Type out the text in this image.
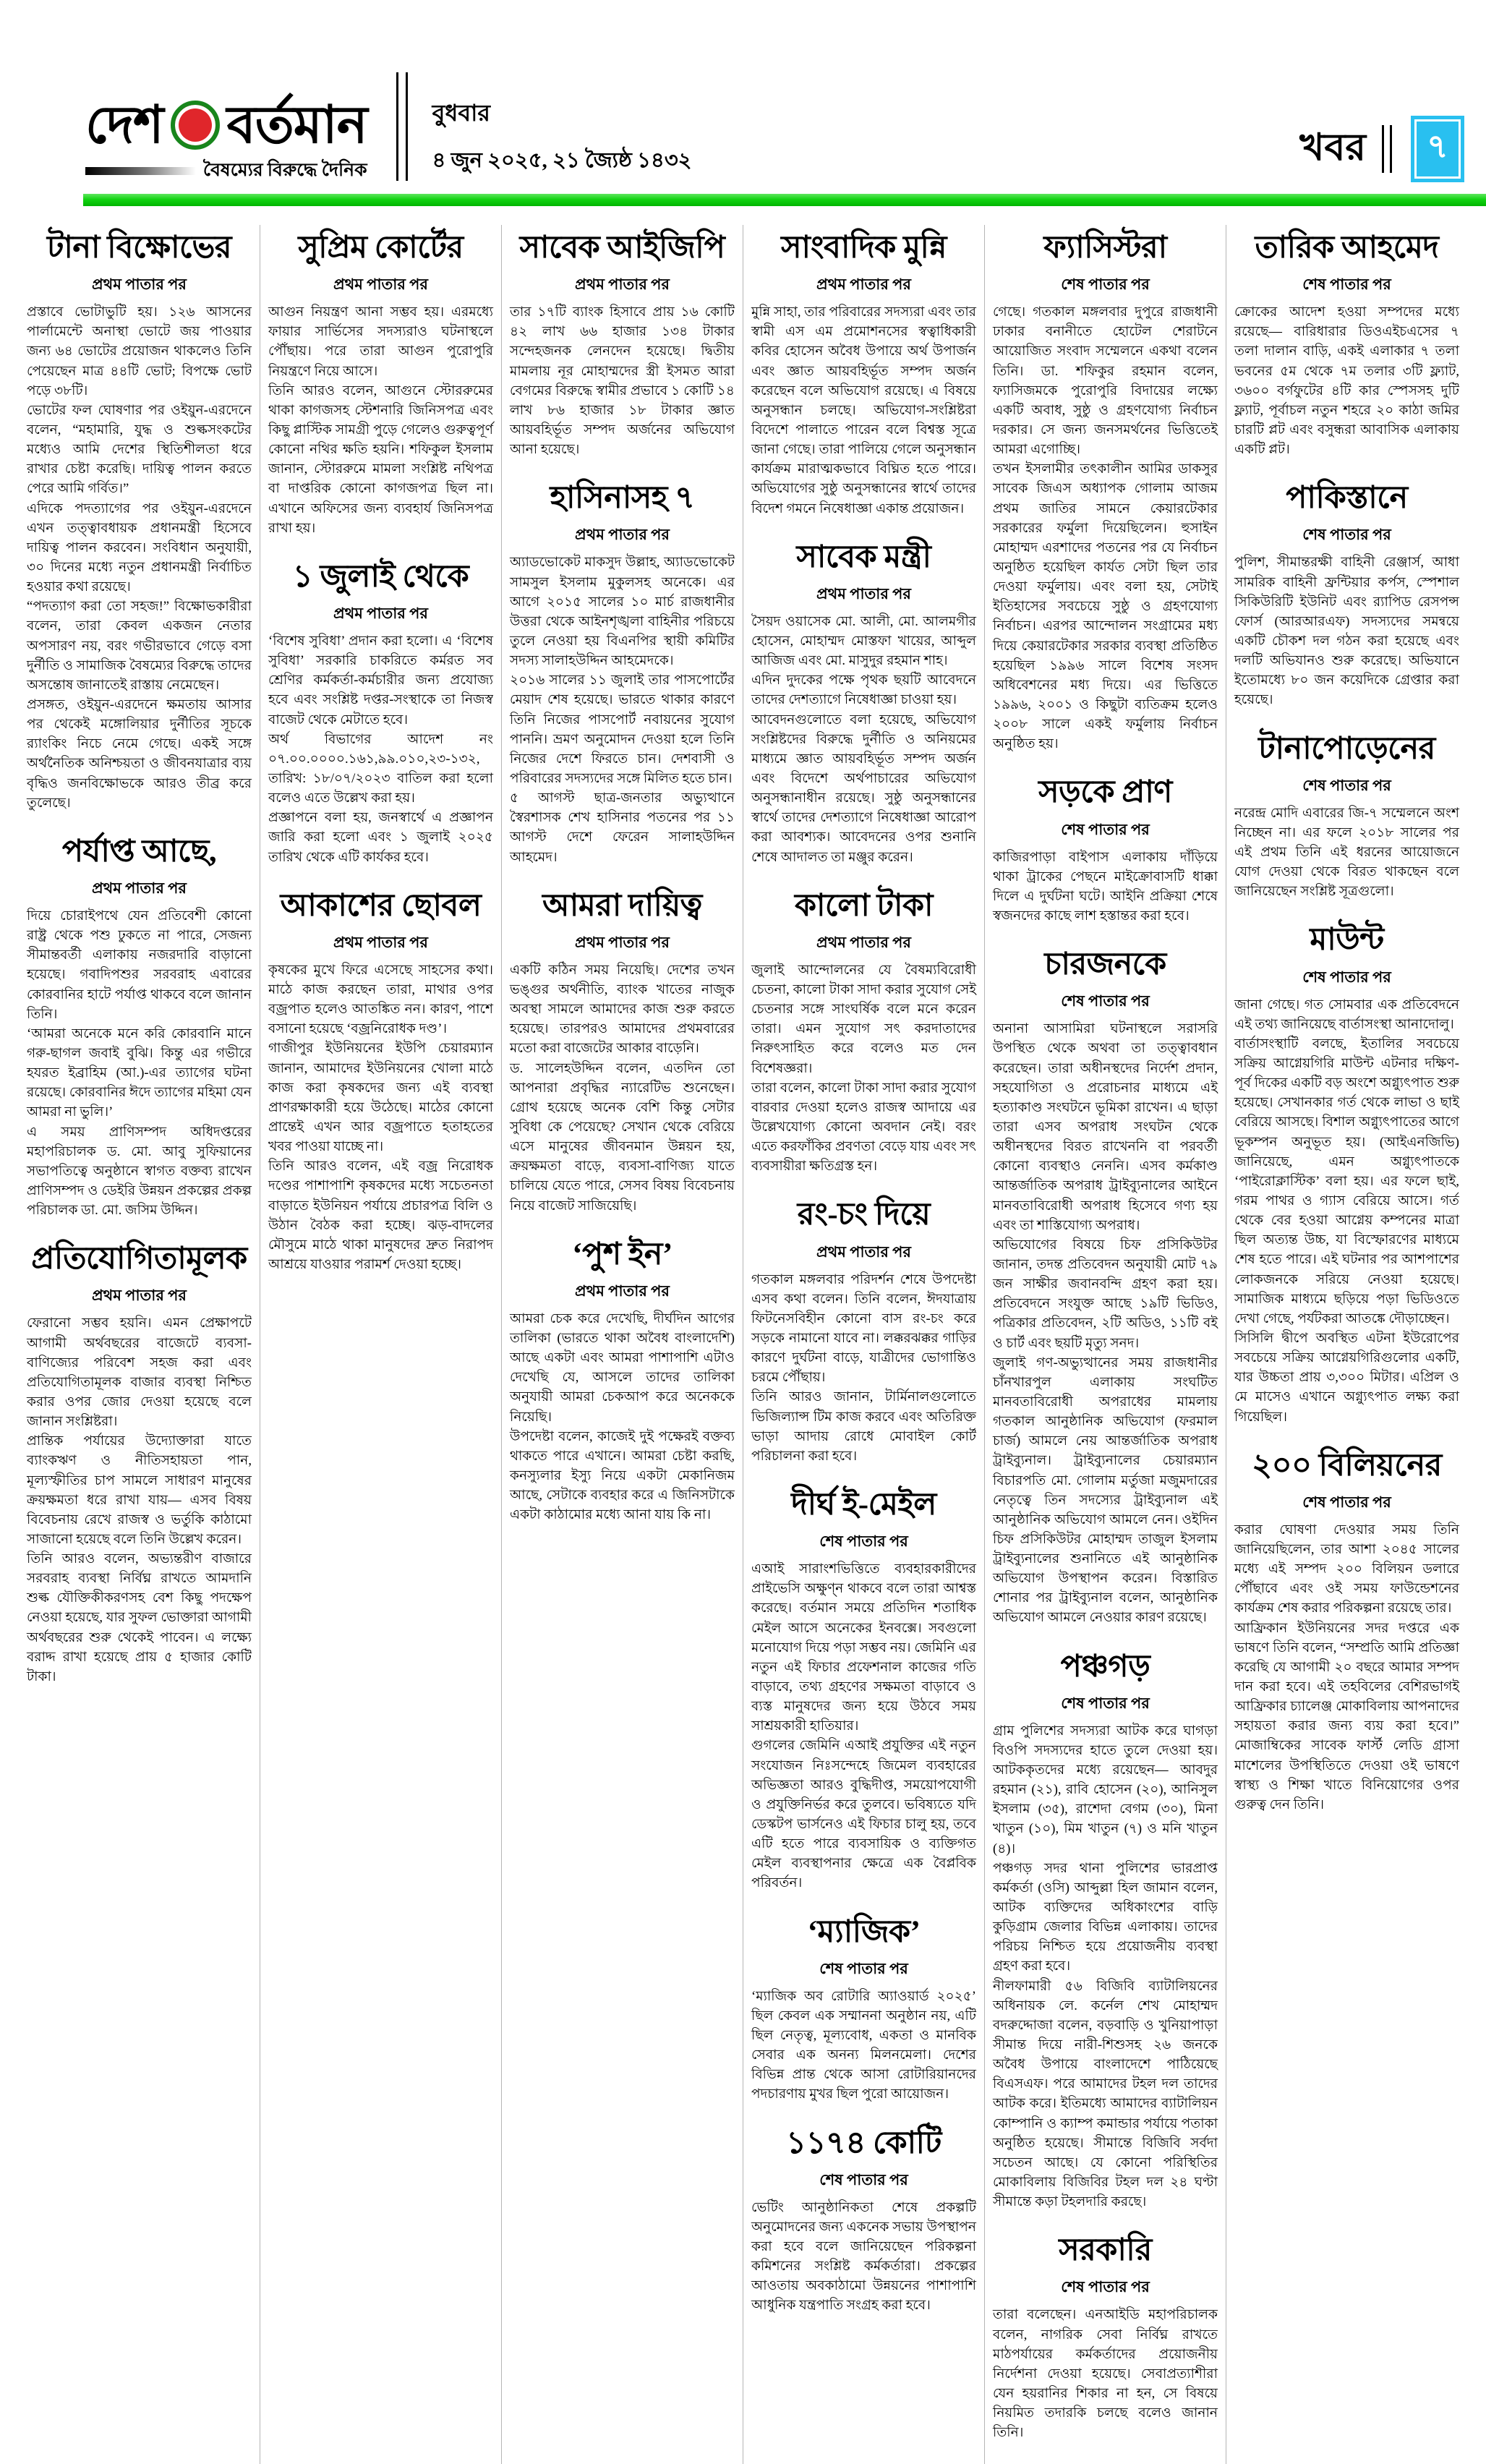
দেশ বর্তমান
বৈষম্যের বিরুদ্ধে দৈনিক
বুধবার
৪ জুন ২০২৫, ২১ জ্যৈষ্ঠ ১৪৩২	খবর	৭
টানা বিক্ষোভের
প্রথম পাতার পর

প্রস্তাবে ভোটাভুটি হয়। ১২৬ আসনের পার্লামেন্টে অনাস্থা ভোটে জয় পাওয়ার জন্য ৬৪ ভোটের প্রয়োজন থাকলেও তিনি পেয়েছেন মাত্র ৪৪টি ভোট; বিপক্ষে ভোট পড়ে ৩৮টি।

ভোটের ফল ঘোষণার পর ওইয়ুন-এরদেনে বলেন, “মহামারি, যুদ্ধ ও শুল্কসংকটের মধ্যেও আমি দেশের স্থিতিশীলতা ধরে রাখার চেষ্টা করেছি। দায়িত্ব পালন করতে পেরে আমি গর্বিত।”

এদিকে পদত্যাগের পর ওইয়ুন-এরদেনে এখন তত্ত্বাবধায়ক প্রধানমন্ত্রী হিসেবে দায়িত্ব পালন করবেন। সংবিধান অনুযায়ী, ৩০ দিনের মধ্যে নতুন প্রধানমন্ত্রী নির্বাচিত হওয়ার কথা রয়েছে।

“পদত্যাগ করা তো সহজ!” বিক্ষোভকারীরা বলেন, তারা কেবল একজন নেতার অপসারণ নয়, বরং গভীরভাবে গেড়ে বসা দুর্নীতি ও সামাজিক বৈষম্যের বিরুদ্ধে তাদের অসন্তোষ জানাতেই রাস্তায় নেমেছেন।

প্রসঙ্গত, ওইয়ুন-এরদেনে ক্ষমতায় আসার পর থেকেই মঙ্গোলিয়ার দুর্নীতির সূচকে র‍্যাংকিং নিচে নেমে গেছে। একই সঙ্গে অর্থনৈতিক অনিশ্চয়তা ও জীবনযাত্রার ব্যয় বৃদ্ধিও জনবিক্ষোভকে আরও তীব্র করে তুলেছে।

পর্যাপ্ত আছে,
প্রথম পাতার পর

দিয়ে চোরাইপথে যেন প্রতিবেশী কোনো রাষ্ট্র থেকে পশু ঢুকতে না পারে, সেজন্য সীমান্তবর্তী এলাকায় নজরদারি বাড়ানো হয়েছে। গবাদিপশুর সরবরাহ এবারের কোরবানির হাটে পর্যাপ্ত থাকবে বলে জানান তিনি।

‘আমরা অনেকে মনে করি কোরবানি মানে গরু-ছাগল জবাই বুঝি। কিন্তু এর গভীরে হযরত ইব্রাহিম (আ.)-এর ত্যাগের ঘটনা রয়েছে। কোরবানির ঈদে ত্যাগের মহিমা যেন আমরা না ভুলি।’

এ সময় প্রাণিসম্পদ অধিদপ্তরের মহাপরিচালক ড. মো. আবু সুফিয়ানের সভাপতিত্বে অনুষ্ঠানে স্বাগত বক্তব্য রাখেন প্রাণিসম্পদ ও ডেইরি উন্নয়ন প্রকল্পের প্রকল্প পরিচালক ডা. মো. জসিম উদ্দিন।

প্রতিযোগিতামূলক
প্রথম পাতার পর

ফেরানো সম্ভব হয়নি। এমন প্রেক্ষাপটে আগামী অর্থবছরের বাজেটে ব্যবসা-বাণিজ্যের পরিবেশ সহজ করা এবং প্রতিযোগিতামূলক বাজার ব্যবস্থা নিশ্চিত করার ওপর জোর দেওয়া হয়েছে বলে জানান সংশ্লিষ্টরা।

প্রান্তিক পর্যায়ের উদ্যোক্তারা যাতে ব্যাংকঋণ ও নীতিসহায়তা পান, মূল্যস্ফীতির চাপ সামলে সাধারণ মানুষের ক্রয়ক্ষমতা ধরে রাখা যায়— এসব বিষয় বিবেচনায় রেখে রাজস্ব ও ভর্তুকি কাঠামো সাজানো হয়েছে বলে তিনি উল্লেখ করেন।

তিনি আরও বলেন, অভ্যন্তরীণ বাজারে সরবরাহ ব্যবস্থা নির্বিঘ্ন রাখতে আমদানি শুল্ক যৌক্তিকীকরণসহ বেশ কিছু পদক্ষেপ নেওয়া হয়েছে, যার সুফল ভোক্তারা আগামী অর্থবছরের শুরু থেকেই পাবেন। এ লক্ষ্যে বরাদ্দ রাখা হয়েছে প্রায় ৫ হাজার কোটি টাকা।

সুপ্রিম কোর্টের
প্রথম পাতার পর

আগুন নিয়ন্ত্রণ আনা সম্ভব হয়। এরমধ্যে ফায়ার সার্ভিসের সদস্যরাও ঘটনাস্থলে পৌঁছায়। পরে তারা আগুন পুরোপুরি নিয়ন্ত্রণে নিয়ে আসে।

তিনি আরও বলেন, আগুনে স্টোররুমের থাকা কাগজসহ স্টেশনারি জিনিসপত্র এবং কিছু প্লাস্টিক সামগ্রী পুড়ে গেলেও গুরুত্বপূর্ণ কোনো নথির ক্ষতি হয়নি। শফিকুল ইসলাম জানান, স্টোররুমে মামলা সংশ্লিষ্ট নথিপত্র বা দাপ্তরিক কোনো কাগজপত্র ছিল না। এখানে অফিসের জন্য ব্যবহার্য জিনিসপত্র রাখা হয়।

১ জুলাই থেকে
প্রথম পাতার পর

‘বিশেষ সুবিধা’ প্রদান করা হলো। এ ‘বিশেষ সুবিধা’ সরকারি চাকরিতে কর্মরত সব শ্রেণির কর্মকর্তা-কর্মচারীর জন্য প্রযোজ্য হবে এবং সংশ্লিষ্ট দপ্তর-সংস্থাকে তা নিজস্ব বাজেট থেকে মেটাতে হবে।

অর্থ বিভাগের আদেশ নং ০৭.০০.০০০০.১৬১,৯৯.০১০,২৩-১৩২, তারিখ: ১৮/০৭/২০২৩ বাতিল করা হলো বলেও এতে উল্লেখ করা হয়।

প্রজ্ঞাপনে বলা হয়, জনস্বার্থে এ প্রজ্ঞাপন জারি করা হলো এবং ১ জুলাই ২০২৫ তারিখ থেকে এটি কার্যকর হবে।

আকাশের ছোবল
প্রথম পাতার পর

কৃষকের মুখে ফিরে এসেছে সাহসের কথা। মাঠে কাজ করছেন তারা, মাথার ওপর বজ্রপাত হলেও আতঙ্কিত নন। কারণ, পাশে বসানো হয়েছে ‘বজ্রনিরোধক দণ্ড’।

গাজীপুর ইউনিয়নের ইউপি চেয়ারম্যান জানান, আমাদের ইউনিয়নের খোলা মাঠে কাজ করা কৃষকদের জন্য এই ব্যবস্থা প্রাণরক্ষাকারী হয়ে উঠেছে। মাঠের কোনো প্রান্তেই এখন আর বজ্রপাতে হতাহতের খবর পাওয়া যাচ্ছে না।

তিনি আরও বলেন, এই বজ্র নিরোধক দণ্ডের পাশাপাশি কৃষকদের মধ্যে সচেতনতা বাড়াতে ইউনিয়ন পর্যায়ে প্রচারপত্র বিলি ও উঠান বৈঠক করা হচ্ছে। ঝড়-বাদলের মৌসুমে মাঠে থাকা মানুষদের দ্রুত নিরাপদ আশ্রয়ে যাওয়ার পরামর্শ দেওয়া হচ্ছে।

সাবেক আইজিপি
প্রথম পাতার পর

তার ১৭টি ব্যাংক হিসাবে প্রায় ১৬ কোটি ৪২ লাখ ৬৬ হাজার ১৩৪ টাকার সন্দেহজনক লেনদেন হয়েছে। দ্বিতীয় মামলায় নূর মোহাম্মদের স্ত্রী ইসমত আরা বেগমের বিরুদ্ধে স্বামীর প্রভাবে ১ কোটি ১৪ লাখ ৮৬ হাজার ১৮ টাকার জ্ঞাত আয়বহির্ভূত সম্পদ অর্জনের অভিযোগ আনা হয়েছে।

হাসিনাসহ ৭
প্রথম পাতার পর

অ্যাডভোকেট মাকসুদ উল্লাহ, অ্যাডভোকেট সামসুল ইসলাম মুকুলসহ অনেকে। এর আগে ২০১৫ সালের ১০ মার্চ রাজধানীর উত্তরা থেকে আইনশৃঙ্খলা বাহিনীর পরিচয়ে তুলে নেওয়া হয় বিএনপির স্থায়ী কমিটির সদস্য সালাহউদ্দিন আহমেদকে।

২০১৬ সালের ১১ জুলাই তার পাসপোর্টের মেয়াদ শেষ হয়েছে। ভারতে থাকার কারণে তিনি নিজের পাসপোর্ট নবায়নের সুযোগ পাননি। ভ্রমণ অনুমোদন দেওয়া হলে তিনি নিজের দেশে ফিরতে চান। দেশবাসী ও পরিবারের সদস্যদের সঙ্গে মিলিত হতে চান।

৫ আগস্ট ছাত্র-জনতার অভ্যুত্থানে স্বৈরশাসক শেখ হাসিনার পতনের পর ১১ আগস্ট দেশে ফেরেন সালাহউদ্দিন আহমেদ।

আমরা দায়িত্ব
প্রথম পাতার পর

একটি কঠিন সময় নিয়েছি। দেশের তখন ভঙ্গুর অর্থনীতি, ব্যাংক খাতের নাজুক অবস্থা সামলে আমাদের কাজ শুরু করতে হয়েছে। তারপরও আমাদের প্রথমবারের মতো করা বাজেটের আকার বাড়েনি।

ড. সালেহউদ্দিন বলেন, এতদিন তো আপনারা প্রবৃদ্ধির ন্যারেটিভ শুনেছেন। গ্রোথ হয়েছে অনেক বেশি কিন্তু সেটার সুবিধা কে পেয়েছে? সেখান থেকে বেরিয়ে এসে মানুষের জীবনমান উন্নয়ন হয়, ক্রয়ক্ষমতা বাড়ে, ব্যবসা-বাণিজ্য যাতে চালিয়ে যেতে পারে, সেসব বিষয় বিবেচনায় নিয়ে বাজেট সাজিয়েছি।

‘পুশ ইন’
প্রথম পাতার পর

আমরা চেক করে দেখেছি, দীর্ঘদিন আগের তালিকা (ভারতে থাকা অবৈধ বাংলাদেশি) আছে একটা এবং আমরা পাশাপাশি এটাও দেখেছি যে, আসলে তাদের তালিকা অনুযায়ী আমরা চেকআপ করে অনেককে নিয়েছি।

উপদেষ্টা বলেন, কাজেই দুই পক্ষেরই বক্তব্য থাকতে পারে এখানে। আমরা চেষ্টা করছি, কনস্যুলার ইস্যু নিয়ে একটা মেকানিজম আছে, সেটাকে ব্যবহার করে এ জিনিসটাকে একটা কাঠামোর মধ্যে আনা যায় কি না।

সাংবাদিক মুন্নি
প্রথম পাতার পর

মুন্নি সাহা, তার পরিবারের সদস্যরা এবং তার স্বামী এস এম প্রমোশনসের স্বত্বাধিকারী কবির হোসেন অবৈধ উপায়ে অর্থ উপার্জন এবং জ্ঞাত আয়বহির্ভূত সম্পদ অর্জন করেছেন বলে অভিযোগ রয়েছে। এ বিষয়ে অনুসন্ধান চলছে। অভিযোগ-সংশ্লিষ্টরা বিদেশে পালাতে পারেন বলে বিশ্বস্ত সূত্রে জানা গেছে। তারা পালিয়ে গেলে অনুসন্ধান কার্যক্রম মারাত্মকভাবে বিঘ্নিত হতে পারে। অভিযোগের সুষ্ঠু অনুসন্ধানের স্বার্থে তাদের বিদেশ গমনে নিষেধাজ্ঞা একান্ত প্রয়োজন।

সাবেক মন্ত্রী
প্রথম পাতার পর

সৈয়দ ওয়াসেক মো. আলী, মো. আলমগীর হোসেন, মোহাম্মদ মোস্তফা খায়ের, আব্দুল আজিজ এবং মো. মাসুদুর রহমান শাহ।

এদিন দুদকের পক্ষে পৃথক ছয়টি আবেদনে তাদের দেশত্যাগে নিষেধাজ্ঞা চাওয়া হয়।

আবেদনগুলোতে বলা হয়েছে, অভিযোগ সংশ্লিষ্টদের বিরুদ্ধে দুর্নীতি ও অনিয়মের মাধ্যমে জ্ঞাত আয়বহির্ভূত সম্পদ অর্জন এবং বিদেশে অর্থপাচারের অভিযোগ অনুসন্ধানাধীন রয়েছে। সুষ্ঠু অনুসন্ধানের স্বার্থে তাদের দেশত্যাগে নিষেধাজ্ঞা আরোপ করা আবশ্যক। আবেদনের ওপর শুনানি শেষে আদালত তা মঞ্জুর করেন।

কালো টাকা
প্রথম পাতার পর

জুলাই আন্দোলনের যে বৈষম্যবিরোধী চেতনা, কালো টাকা সাদা করার সুযোগ সেই চেতনার সঙ্গে সাংঘর্ষিক বলে মনে করেন তারা। এমন সুযোগ সৎ করদাতাদের নিরুৎসাহিত করে বলেও মত দেন বিশেষজ্ঞরা।

তারা বলেন, কালো টাকা সাদা করার সুযোগ বারবার দেওয়া হলেও রাজস্ব আদায়ে এর উল্লেখযোগ্য কোনো অবদান নেই। বরং এতে করফাঁকির প্রবণতা বেড়ে যায় এবং সৎ ব্যবসায়ীরা ক্ষতিগ্রস্ত হন।

রং-চং দিয়ে
প্রথম পাতার পর

গতকাল মঙ্গলবার পরিদর্শন শেষে উপদেষ্টা এসব কথা বলেন। তিনি বলেন, ঈদযাত্রায় ফিটনেসবিহীন কোনো বাস রং-চং করে সড়কে নামানো যাবে না। লক্করঝক্কর গাড়ির কারণে দুর্ঘটনা বাড়ে, যাত্রীদের ভোগান্তিও চরমে পৌঁছায়।

তিনি আরও জানান, টার্মিনালগুলোতে ভিজিল্যান্স টিম কাজ করবে এবং অতিরিক্ত ভাড়া আদায় রোধে মোবাইল কোর্ট পরিচালনা করা হবে।

দীর্ঘ ই-মেইল
শেষ পাতার পর

এআই সারাংশভিত্তিতে ব্যবহারকারীদের প্রাইভেসি অক্ষুণ্ন থাকবে বলে তারা আশ্বস্ত করেছে। বর্তমান সময়ে প্রতিদিন শতাধিক মেইল আসে অনেকের ইনবক্সে। সবগুলো মনোযোগ দিয়ে পড়া সম্ভব নয়। জেমিনি এর নতুন এই ফিচার প্রফেশনাল কাজের গতি বাড়াবে, তথ্য গ্রহণের সক্ষমতা বাড়াবে ও ব্যস্ত মানুষদের জন্য হয়ে উঠবে সময় সাশ্রয়কারী হাতিয়ার।

গুগলের জেমিনি এআই প্রযুক্তির এই নতুন সংযোজন নিঃসন্দেহে জিমেল ব্যবহারের অভিজ্ঞতা আরও বুদ্ধিদীপ্ত, সময়োপযোগী ও প্রযুক্তিনির্ভর করে তুলবে। ভবিষ্যতে যদি ডেস্কটপ ভার্সনেও এই ফিচার চালু হয়, তবে এটি হতে পারে ব্যবসায়িক ও ব্যক্তিগত মেইল ব্যবস্থাপনার ক্ষেত্রে এক বৈপ্লবিক পরিবর্তন।

‘ম্যাজিক’
শেষ পাতার পর

‘ম্যাজিক অব রোটারি অ্যাওয়ার্ড ২০২৫’ ছিল কেবল এক সম্মাননা অনুষ্ঠান নয়, এটি ছিল নেতৃত্ব, মূল্যবোধ, একতা ও মানবিক সেবার এক অনন্য মিলনমেলা। দেশের বিভিন্ন প্রান্ত থেকে আসা রোটারিয়ানদের পদচারণায় মুখর ছিল পুরো আয়োজন।

১১৭৪ কোটি
শেষ পাতার পর

ভেটিং আনুষ্ঠানিকতা শেষে প্রকল্পটি অনুমোদনের জন্য একনেক সভায় উপস্থাপন করা হবে বলে জানিয়েছেন পরিকল্পনা কমিশনের সংশ্লিষ্ট কর্মকর্তারা। প্রকল্পের আওতায় অবকাঠামো উন্নয়নের পাশাপাশি আধুনিক যন্ত্রপাতি সংগ্রহ করা হবে।

ফ্যাসিস্টরা
শেষ পাতার পর

গেছে। গতকাল মঙ্গলবার দুপুরে রাজধানী ঢাকার বনানীতে হোটেল শেরাটনে আয়োজিত সংবাদ সম্মেলনে একথা বলেন তিনি। ডা. শফিকুর রহমান বলেন, ফ্যাসিজমকে পুরোপুরি বিদায়ের লক্ষ্যে একটি অবাধ, সুষ্ঠু ও গ্রহণযোগ্য নির্বাচন দরকার। সে জন্য জনসমর্থনের ভিত্তিতেই আমরা এগোচ্ছি।

তখন ইসলামীর তৎকালীন আমির ডাকসুর সাবেক জিএস অধ্যাপক গোলাম আজম প্রথম জাতির সামনে কেয়ারটেকার সরকারের ফর্মুলা দিয়েছিলেন। হুসাইন মোহাম্মদ এরশাদের পতনের পর যে নির্বাচন অনুষ্ঠিত হয়েছিল কার্যত সেটা ছিল তার দেওয়া ফর্মুলায়। এবং বলা হয়, সেটাই ইতিহাসের সবচেয়ে সুষ্ঠু ও গ্রহণযোগ্য নির্বাচন। এরপর আন্দোলন সংগ্রামের মধ্য দিয়ে কেয়ারটেকার সরকার ব্যবস্থা প্রতিষ্ঠিত হয়েছিল ১৯৯৬ সালে বিশেষ সংসদ অধিবেশনের মধ্য দিয়ে। এর ভিত্তিতে ১৯৯৬, ২০০১ ও কিছুটা ব্যতিক্রম হলেও ২০০৮ সালে একই ফর্মুলায় নির্বাচন অনুষ্ঠিত হয়।

সড়কে প্রাণ
শেষ পাতার পর

কাজিরপাড়া বাইপাস এলাকায় দাঁড়িয়ে থাকা ট্রাকের পেছনে মাইক্রোবাসটি ধাক্কা দিলে এ দুর্ঘটনা ঘটে। আইনি প্রক্রিয়া শেষে স্বজনদের কাছে লাশ হস্তান্তর করা হবে।

চারজনকে
শেষ পাতার পর

অনানা আসামিরা ঘটনাস্থলে সরাসরি উপস্থিত থেকে অথবা তা তত্ত্বাবধান করেছেন। তারা অধীনস্থদের নির্দেশ প্রদান, সহযোগিতা ও প্ররোচনার মাধ্যমে এই হত্যাকাণ্ড সংঘটনে ভূমিকা রাখেন। এ ছাড়া তারা এসব অপরাধ সংঘটন থেকে অধীনস্থদের বিরত রাখেননি বা পরবর্তী কোনো ব্যবস্থাও নেননি। এসব কর্মকাণ্ড আন্তর্জাতিক অপরাধ ট্রাইব্যুনালের আইনে মানবতাবিরোধী অপরাধ হিসেবে গণ্য হয় এবং তা শাস্তিযোগ্য অপরাধ।

অভিযোগের বিষয়ে চিফ প্রসিকিউটর জানান, তদন্ত প্রতিবেদন অনুযায়ী মোট ৭৯ জন সাক্ষীর জবানবন্দি গ্রহণ করা হয়। প্রতিবেদনে সংযুক্ত আছে ১৯টি ভিডিও, পত্রিকার প্রতিবেদন, ২টি অডিও, ১১টি বই ও চার্ট এবং ছয়টি মৃত্যু সনদ।

জুলাই গণ-অভ্যুত্থানের সময় রাজধানীর চাঁনখারপুল এলাকায় সংঘটিত মানবতাবিরোধী অপরাধের মামলায় গতকাল আনুষ্ঠানিক অভিযোগ (ফরমাল চার্জ) আমলে নেয় আন্তর্জাতিক অপরাধ ট্রাইব্যুনাল। ট্রাইব্যুনালের চেয়ারম্যান বিচারপতি মো. গোলাম মর্তুজা মজুমদারের নেতৃত্বে তিন সদস্যের ট্রাইব্যুনাল এই আনুষ্ঠানিক অভিযোগ আমলে নেন। ওইদিন চিফ প্রসিকিউটর মোহাম্মদ তাজুল ইসলাম ট্রাইব্যুনালের শুনানিতে এই আনুষ্ঠানিক অভিযোগ উপস্থাপন করেন। বিস্তারিত শোনার পর ট্রাইব্যুনাল বলেন, আনুষ্ঠানিক অভিযোগ আমলে নেওয়ার কারণ রয়েছে।

পঞ্চগড়
শেষ পাতার পর

গ্রাম পুলিশের সদস্যরা আটক করে ঘাগড়া বিওপি সদস্যদের হাতে তুলে দেওয়া হয়। আটককৃতদের মধ্যে রয়েছেন— আবদুর রহমান (২১), রাবি হোসেন (২০), আনিসুল ইসলাম (৩৫), রাশেদা বেগম (৩০), মিনা খাতুন (১০), মিম খাতুন (৭) ও মনি খাতুন (৪)।

পঞ্চগড় সদর থানা পুলিশের ভারপ্রাপ্ত কর্মকর্তা (ওসি) আব্দুল্লা হিল জামান বলেন, আটক ব্যক্তিদের অধিকাংশের বাড়ি কুড়িগ্রাম জেলার বিভিন্ন এলাকায়। তাদের পরিচয় নিশ্চিত হয়ে প্রয়োজনীয় ব্যবস্থা গ্রহণ করা হবে।

নীলফামারী ৫৬ বিজিবি ব্যাটালিয়নের অধিনায়ক লে. কর্নেল শেখ মোহাম্মদ বদরুদ্দোজা বলেন, বড়বাড়ি ও খুনিয়াপাড়া সীমান্ত দিয়ে নারী-শিশুসহ ২৬ জনকে অবৈধ উপায়ে বাংলাদেশে পাঠিয়েছে বিএসএফ। পরে আমাদের টহল দল তাদের আটক করে। ইতিমধ্যে আমাদের ব্যাটালিয়ন কোম্পানি ও ক্যাম্প কমান্ডার পর্যায়ে পতাকা অনুষ্ঠিত হয়েছে। সীমান্তে বিজিবি সর্বদা সচেতন আছে। যে কোনো পরিস্থিতির মোকাবিলায় বিজিবির টহল দল ২৪ ঘণ্টা সীমান্তে কড়া টহলদারি করছে।

সরকারি
শেষ পাতার পর

তারা বলেছেন। এনআইডি মহাপরিচালক বলেন, নাগরিক সেবা নির্বিঘ্ন রাখতে মাঠপর্যায়ের কর্মকর্তাদের প্রয়োজনীয় নির্দেশনা দেওয়া হয়েছে। সেবাপ্রত্যাশীরা যেন হয়রানির শিকার না হন, সে বিষয়ে নিয়মিত তদারকি চলছে বলেও জানান তিনি।

তারিক আহমেদ
শেষ পাতার পর

ক্রোকের আদেশ হওয়া সম্পদের মধ্যে রয়েছে— বারিধারার ডিওএইচএসের ৭ তলা দালান বাড়ি, একই এলাকার ৭ তলা ভবনের ৫ম থেকে ৭ম তলার ৩টি ফ্ল্যাট, ৩৬০০ বর্গফুটের ৪টি কার স্পেসসহ দুটি ফ্ল্যাট, পূর্বাচল নতুন শহরে ২০ কাঠা জমির চারটি প্লট এবং বসুন্ধরা আবাসিক এলাকায় একটি প্লট।

পাকিস্তানে
শেষ পাতার পর

পুলিশ, সীমান্তরক্ষী বাহিনী রেঞ্জার্স, আধা সামরিক বাহিনী ফ্রন্টিয়ার কর্পস, স্পেশাল সিকিউরিটি ইউনিট এবং র‍্যাপিড রেসপন্স ফোর্স (আরআরএফ) সদস্যদের সমন্বয়ে একটি চৌকশ দল গঠন করা হয়েছে এবং দলটি অভিযানও শুরু করেছে। অভিযানে ইতোমধ্যে ৮০ জন কয়েদিকে গ্রেপ্তার করা হয়েছে।

টানাপোড়েনের
শেষ পাতার পর

নরেন্দ্র মোদি এবারের জি-৭ সম্মেলনে অংশ নিচ্ছেন না। এর ফলে ২০১৮ সালের পর এই প্রথম তিনি এই ধরনের আয়োজনে যোগ দেওয়া থেকে বিরত থাকছেন বলে জানিয়েছেন সংশ্লিষ্ট সূত্রগুলো।

মাউন্ট
শেষ পাতার পর

জানা গেছে। গত সোমবার এক প্রতিবেদনে এই তথ্য জানিয়েছে বার্তাসংস্থা আনাদোলু।

বার্তাসংস্থাটি বলছে, ইতালির সবচেয়ে সক্রিয় আগ্নেয়গিরি মাউন্ট এটনার দক্ষিণ-পূর্ব দিকের একটি বড় অংশে অগ্ন্যুৎপাত শুরু হয়েছে। সেখানকার গর্ত থেকে লাভা ও ছাই বেরিয়ে আসছে। বিশাল অগ্ন্যুৎপাতের আগে ভূকম্পন অনুভূত হয়। (আইএনজিভি) জানিয়েছে, এমন অগ্ন্যুৎপাতকে ‘পাইরোক্লাস্টিক’ বলা হয়। এর ফলে ছাই, গরম পাথর ও গ্যাস বেরিয়ে আসে। গর্ত থেকে বের হওয়া আগ্নেয় কম্পনের মাত্রা ছিল অত্যন্ত উচ্চ, যা বিস্ফোরণের মাধ্যমে শেষ হতে পারে। এই ঘটনার পর আশপাশের লোকজনকে সরিয়ে নেওয়া হয়েছে। সামাজিক মাধ্যমে ছড়িয়ে পড়া ভিডিওতে দেখা গেছে, পর্যটকরা আতঙ্কে দৌড়াচ্ছেন।

সিসিলি দ্বীপে অবস্থিত এটনা ইউরোপের সবচেয়ে সক্রিয় আগ্নেয়গিরিগুলোর একটি, যার উচ্চতা প্রায় ৩,৩০০ মিটার। এপ্রিল ও মে মাসেও এখানে অগ্ন্যুৎপাত লক্ষ্য করা গিয়েছিল।

২০০ বিলিয়নের
শেষ পাতার পর

করার ঘোষণা দেওয়ার সময় তিনি জানিয়েছিলেন, তার আশা ২০৪৫ সালের মধ্যে এই সম্পদ ২০০ বিলিয়ন ডলারে পৌঁছাবে এবং ওই সময় ফাউন্ডেশনের কার্যক্রম শেষ করার পরিকল্পনা রয়েছে তার।

আফ্রিকান ইউনিয়নের সদর দপ্তরে এক ভাষণে তিনি বলেন, “সম্প্রতি আমি প্রতিজ্ঞা করেছি যে আগামী ২০ বছরে আমার সম্পদ দান করা হবে। এই তহবিলের বেশিরভাগই আফ্রিকার চ্যালেঞ্জ মোকাবিলায় আপনাদের সহায়তা করার জন্য ব্যয় করা হবে।” মোজাম্বিকের সাবেক ফার্স্ট লেডি গ্রাসা মাশেলের উপস্থিতিতে দেওয়া ওই ভাষণে স্বাস্থ্য ও শিক্ষা খাতে বিনিয়োগের ওপর গুরুত্ব দেন তিনি।
